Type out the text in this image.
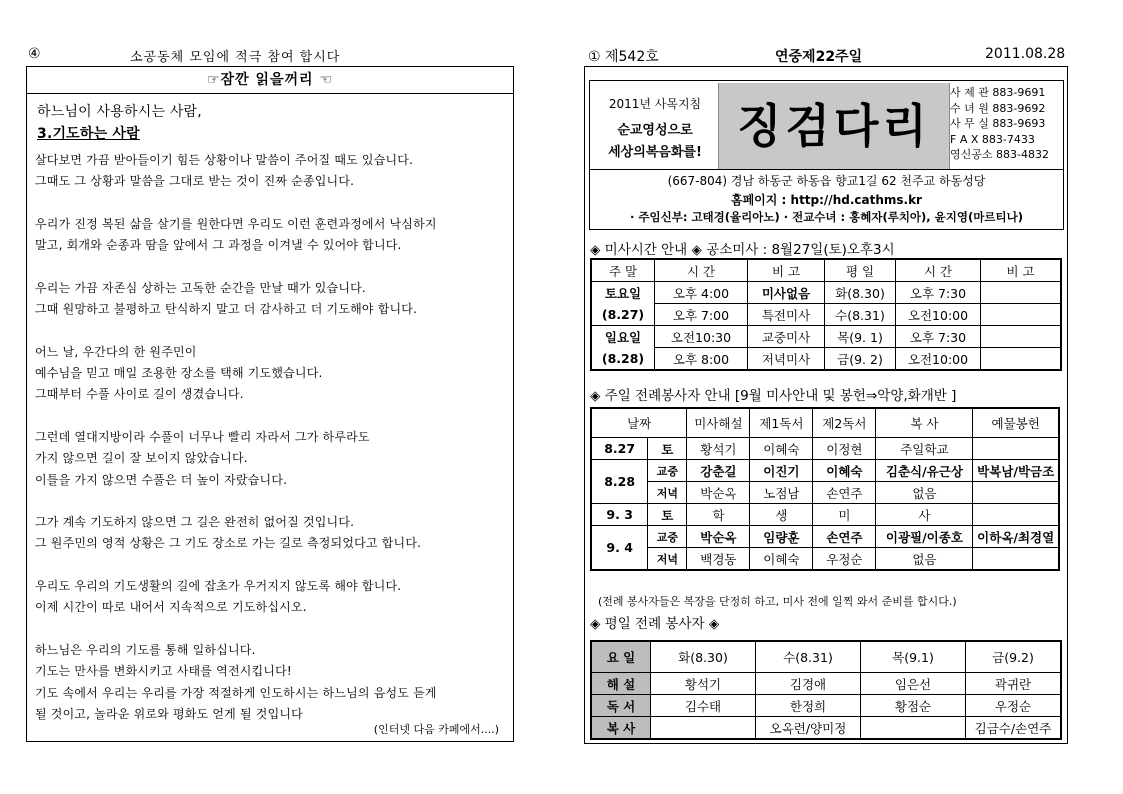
④	소공동체 모임에 적극 참여 합시다
☞잠깐 읽을꺼리 ☜
하느님이 사용하시는 사람,
3.기도하는 사람
살다보면 가끔 받아들이기 힘든 상황이나 말씀이 주어질 때도 있습니다.
그때도 그 상황과 말씀을 그대로 받는 것이 진짜 순종입니다.
우리가 진정 복된 삶을 살기를 원한다면 우리도 이런 훈련과정에서 낙심하지
말고, 회개와 순종과 땀을 앞에서 그 과정을 이겨낼 수 있어야 합니다.
우리는 가끔 자존심 상하는 고독한 순간을 만날 때가 있습니다.
그때 원망하고 불평하고 탄식하지 말고 더 감사하고 더 기도해야 합니다.
어느 날, 우간다의 한 원주민이
예수님을 믿고 매일 조용한 장소를 택해 기도했습니다.
그때부터 수풀 사이로 길이 생겼습니다.
그런데 열대지방이라 수풀이 너무나 빨리 자라서 그가 하루라도
가지 않으면 길이 잘 보이지 않았습니다.
이틀을 가지 않으면 수풀은 더 높이 자랐습니다.
그가 계속 기도하지 않으면 그 길은 완전히 없어질 것입니다.
그 원주민의 영적 상황은 그 기도 장소로 가는 길로 측정되었다고 합니다.
우리도 우리의 기도생활의 길에 잡초가 우거지지 않도록 해야 합니다.
이제 시간이 따로 내어서 지속적으로 기도하십시오.
하느님은 우리의 기도를 통해 일하십니다.
기도는 만사를 변화시키고 사태를 역전시킵니다!
기도 속에서 우리는 우리를 가장 적절하게 인도하시는 하느님의 음성도 듣게
될 것이고, 놀라운 위로와 평화도 얻게 될 것입니다
(인터넷 다음 카페에서....)
① 제542호	연중제22주일	2011.08.28
2011년 사목지침
순교영성으로
세상의복음화를! 징검다리
사 제 관 883-9691
수 녀 원 883-9692
사 무 실 883-9693
F A X 883-7433
영신공소 883-4832
(667-804) 경남 하동군 하동읍 향교1길 62 천주교 하동성당
홈페이지 : http://hd.cathms.kr
· 주임신부: 고태경(율리아노) · 전교수녀 : 홍혜자(루치아), 윤지영(마르티나)
◈ 미사시간 안내 ◈ 공소미사 : 8월27일(토)오후3시
주 말	시 간	비 고	평 일	시 간	비 고
토요일	오후 4:00	미사없음	화(8.30)	오후 7:30	
(8.27)	오후 7:00	특전미사	수(8.31)	오전10:00	
일요일	오전10:30	교중미사	목(9. 1)	오후 7:30	
(8.28)	오후 8:00	저녁미사	금(9. 2)	오전10:00	
◈ 주일 전례봉사자 안내 [9월 미사안내 및 봉헌⇒악양,화개반 ]
날짜		미사해설	제1독서	제2독서	복 사	예물봉헌
8.27	토	황석기	이혜숙	이정현	주일학교	
8.28	교중	강춘길	이진기	이혜숙	김춘식/유근상	박복남/박금조
	저녁	박순옥	노점남	손연주	없음	
9. 3	토	학	생	미	사	
9. 4	교중	박순옥	임량훈	손연주	이광필/이종호	이하옥/최경열
	저녁	백경동	이혜숙	우정순	없음	
(전례 봉사자들은 복장을 단정히 하고, 미사 전에 일찍 와서 준비를 합시다.)
◈ 평일 전례 봉사자 ◈
요 일	화(8.30)	수(8.31)	목(9.1)	금(9.2)
해 설	황석기	김경애	임은선	곽귀란
독 서	김수태	한정희	황점순	우정순
복 사		오옥련/양미정		김금수/손연주
